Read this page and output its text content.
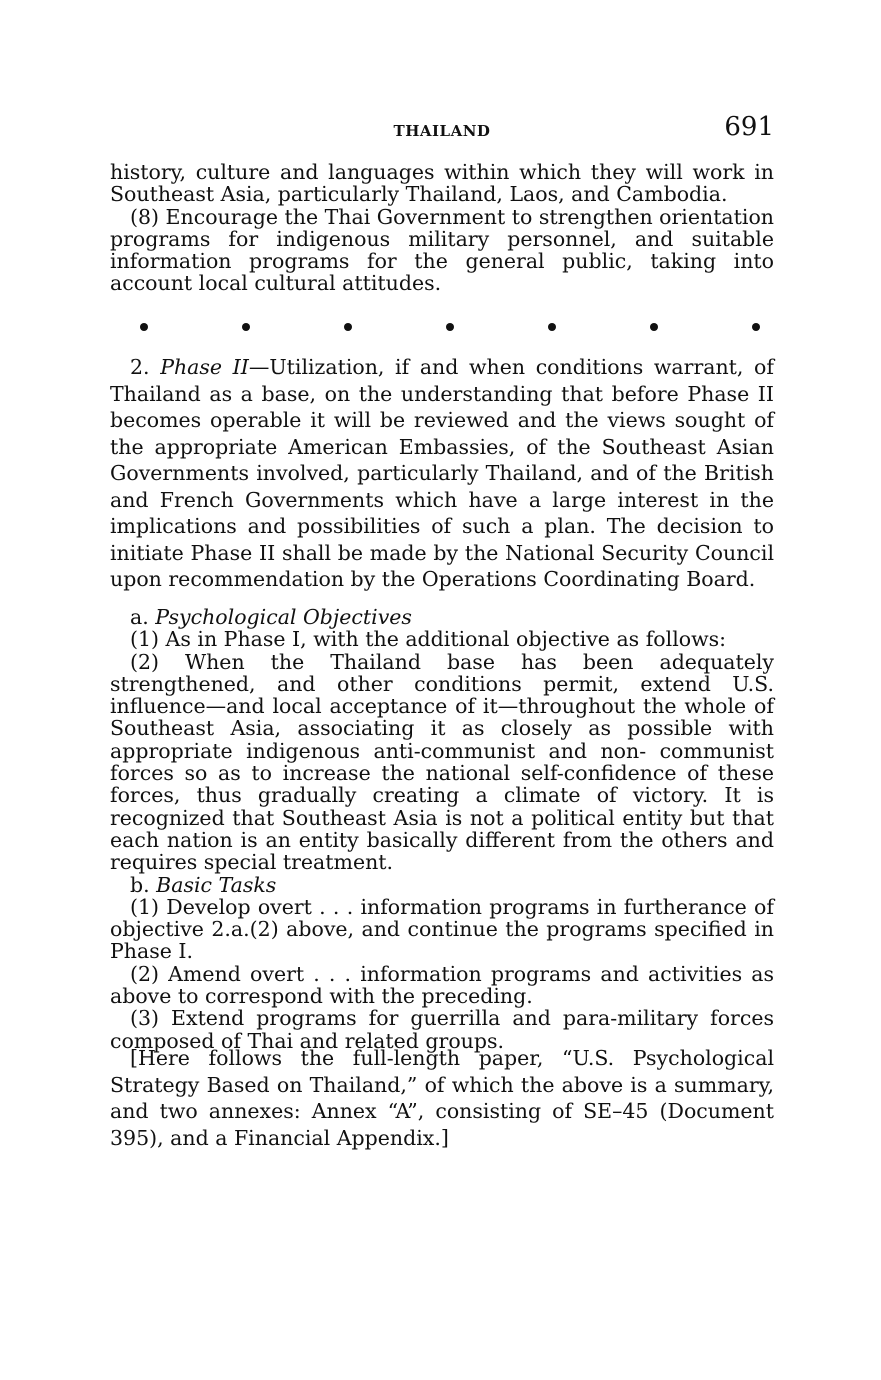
THAILAND	691

history, culture and languages within which they will work in Southeast Asia, particularly Thailand, Laos, and Cambodia.

(8) Encourage the Thai Government to strengthen orientation programs for indigenous military personnel, and suitable information programs for the general public, taking into account local cultural attitudes.

2. Phase II—Utilization, if and when conditions warrant, of Thailand as a base, on the understanding that before Phase II becomes operable it will be reviewed and the views sought of the appropriate American Embassies, of the Southeast Asian Governments involved, particularly Thailand, and of the British and French Governments which have a large interest in the implications and possibilities of such a plan. The decision to initiate Phase II shall be made by the National Security Council upon recommendation by the Operations Coordinating Board.

a. Psychological Objectives

(1) As in Phase I, with the additional objective as follows:

(2) When the Thailand base has been adequately strengthened, and other conditions permit, extend U.S. influence—and local acceptance of it—throughout the whole of Southeast Asia, associating it as closely as possible with appropriate indigenous anti-communist and non- communist forces so as to increase the national self-confidence of these forces, thus gradually creating a climate of victory. It is recognized that Southeast Asia is not a political entity but that each nation is an entity basically different from the others and requires special treatment.

b. Basic Tasks

(1) Develop overt . . . information programs in furtherance of objective 2.a.(2) above, and continue the programs specified in Phase I.

(2) Amend overt . . . information programs and activities as above to correspond with the preceding.

(3) Extend programs for guerrilla and para-military forces composed of Thai and related groups.

[Here follows the full-length paper, “U.S. Psychological Strategy Based on Thailand,” of which the above is a summary, and two annexes: Annex “A”, consisting of SE–45 (Document 395), and a Financial Appendix.]
